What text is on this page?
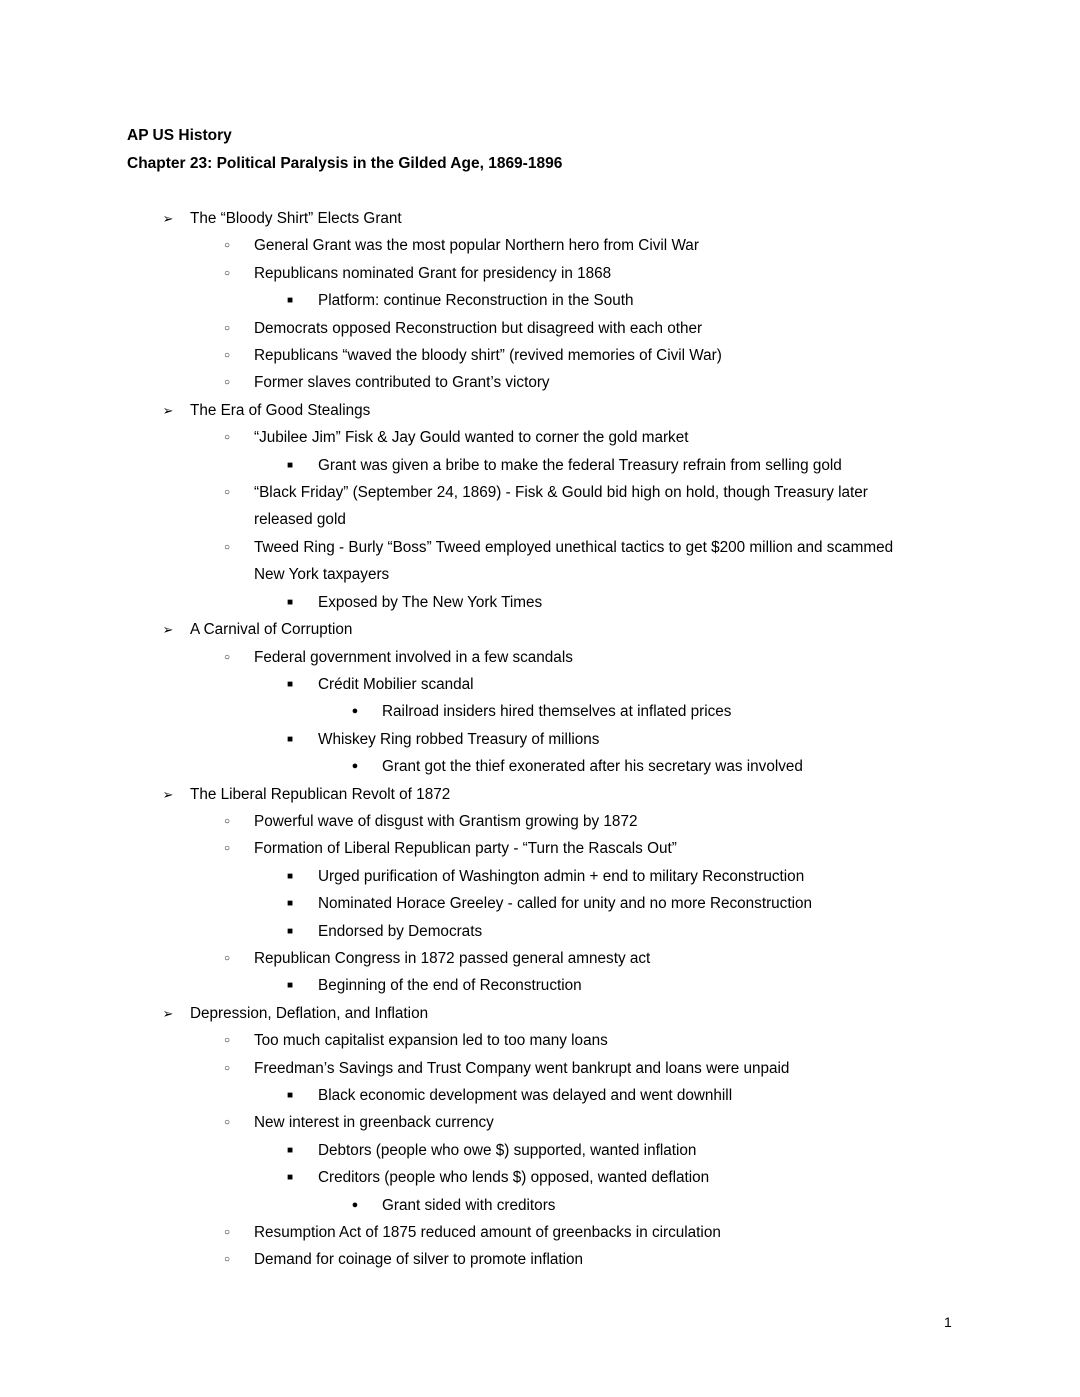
AP US History
Chapter 23: Political Paralysis in the Gilded Age, 1869-1896
➢ The “Bloody Shirt” Elects Grant
○	General Grant was the most popular Northern hero from Civil War
○	Republicans nominated Grant for presidency in 1868
■	Platform: continue Reconstruction in the South
○	Democrats opposed Reconstruction but disagreed with each other
○	Republicans “waved the bloody shirt” (revived memories of Civil War)
○	Former slaves contributed to Grant’s victory
➢ The Era of Good Stealings
○	“Jubilee Jim” Fisk & Jay Gould wanted to corner the gold market
■	Grant was given a bribe to make the federal Treasury refrain from selling gold
○	“Black Friday” (September 24, 1869) - Fisk & Gould bid high on hold, though Treasury later released gold
○	Tweed Ring - Burly “Boss” Tweed employed unethical tactics to get $200 million and scammed New York taxpayers
■	Exposed by The New York Times
➢ A Carnival of Corruption
○	Federal government involved in a few scandals
■	Crédit Mobilier scandal
●	Railroad insiders hired themselves at inflated prices
■	Whiskey Ring robbed Treasury of millions
●	Grant got the thief exonerated after his secretary was involved
➢ The Liberal Republican Revolt of 1872
○	Powerful wave of disgust with Grantism growing by 1872
○	Formation of Liberal Republican party - “Turn the Rascals Out”
■	Urged purification of Washington admin + end to military Reconstruction
■	Nominated Horace Greeley - called for unity and no more Reconstruction
■	Endorsed by Democrats
○	Republican Congress in 1872 passed general amnesty act
■	Beginning of the end of Reconstruction
➢ Depression, Deflation, and Inflation
○	Too much capitalist expansion led to too many loans
○	Freedman’s Savings and Trust Company went bankrupt and loans were unpaid
■	Black economic development was delayed and went downhill
○	New interest in greenback currency
■	Debtors (people who owe $) supported, wanted inflation
■	Creditors (people who lends $) opposed, wanted deflation
●	Grant sided with creditors
○	Resumption Act of 1875 reduced amount of greenbacks in circulation
○	Demand for coinage of silver to promote inflation
1
